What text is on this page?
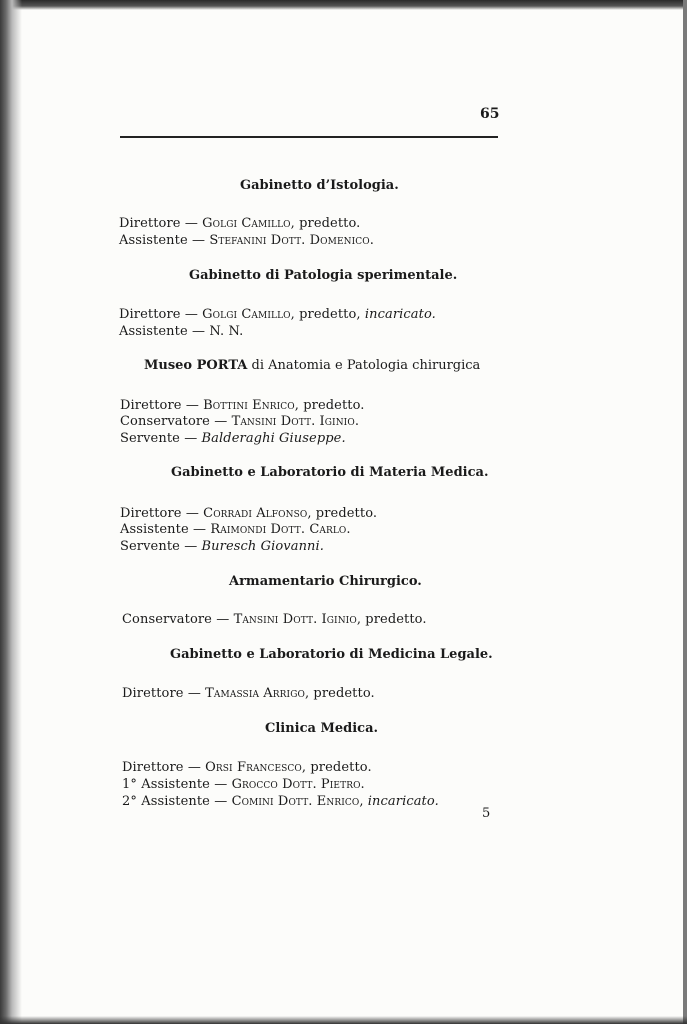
65
Gabinetto d’Istologia.
Direttore — Golgi Camillo, predetto.
Assistente — Stefanini Dott. Domenico.
Gabinetto di Patologia sperimentale.
Direttore — Golgi Camillo, predetto, incaricato.
Assistente — N. N.
Museo PORTA di Anatomia e Patologia chirurgica
Direttore — Bottini Enrico, predetto.
Conservatore — Tansini Dott. Iginio.
Servente — Balderaghi Giuseppe.
Gabinetto e Laboratorio di Materia Medica.
Direttore — Corradi Alfonso, predetto.
Assistente — Raimondi Dott. Carlo.
Servente — Buresch Giovanni.
Armamentario Chirurgico.
Conservatore — Tansini Dott. Iginio, predetto.
Gabinetto e Laboratorio di Medicina Legale.
Direttore — Tamassia Arrigo, predetto.
Clinica Medica.
Direttore — Orsi Francesco, predetto.
1° Assistente — Grocco Dott. Pietro.
2° Assistente — Comini Dott. Enrico, incaricato.
5
